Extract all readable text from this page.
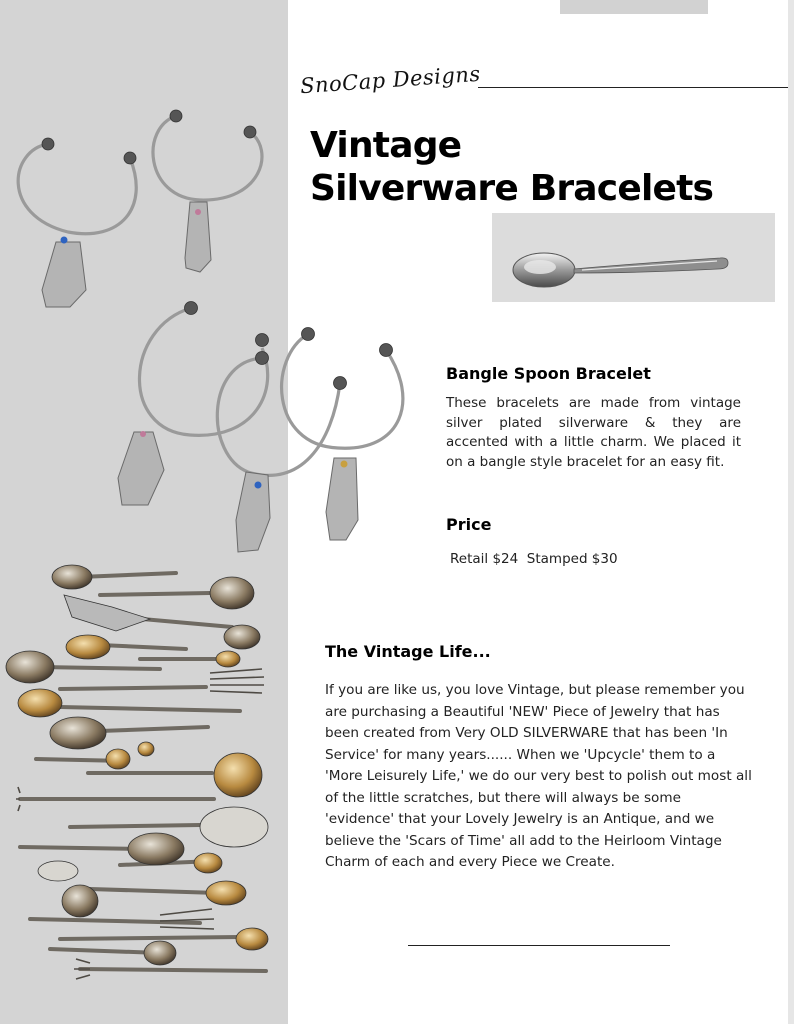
SnoCap Designs
Vintage
Silverware Bracelets
Bangle Spoon Bracelet

These bracelets are made from vintage silver plated silverware & they are accented with a little charm. We placed it on a bangle style bracelet for an easy fit.

Price
Retail $24  Stamped $30
The Vintage Life...

If you are like us, you love Vintage, but please remember you are purchasing a Beautiful 'NEW' Piece of Jewelry that has been created from Very OLD SILVERWARE that has been 'In Service' for many years...... When we 'Upcycle' them to a 'More Leisurely Life,' we do our very best to polish out most all of the little scratches, but there will always be some 'evidence' that your Lovely Jewelry is an Antique, and we believe the 'Scars of Time' all add to the Heirloom Vintage Charm of each and every Piece we Create.
